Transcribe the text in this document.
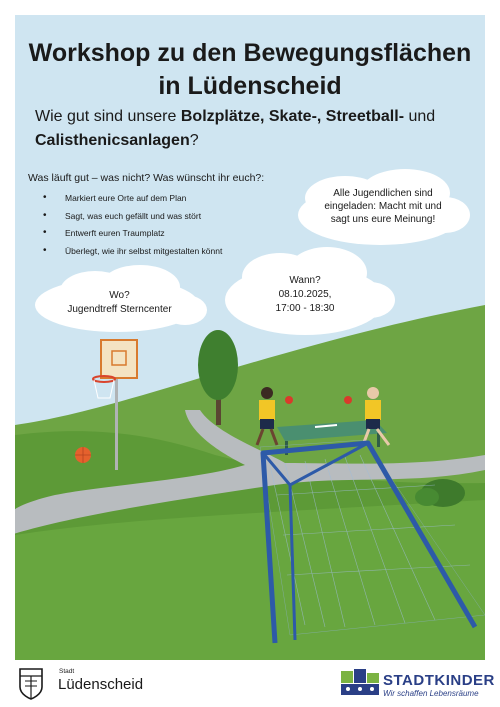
Workshop zu den Bewegungsflächen
in Lüdenscheid
Wie gut sind unsere Bolzplätze, Skate-, Streetball- und Calisthenicsanlagen?
Was läuft gut – was nicht? Was wünscht ihr euch?:
• Markiert eure Orte auf dem Plan
• Sagt, was euch gefällt und was stört
• Entwerft euren Traumplatz
• Überlegt, wie ihr selbst mitgestalten könnt
Alle Jugendlichen sind
eingeladen: Macht mit und
sagt uns eure Meinung!
Wo?
Jugendtreff Sterncenter
Wann?
08.10.2025,
17:00 - 18:30
Stadt
Lüdenscheid	STADTKINDER
Wir schaffen Lebensräume
